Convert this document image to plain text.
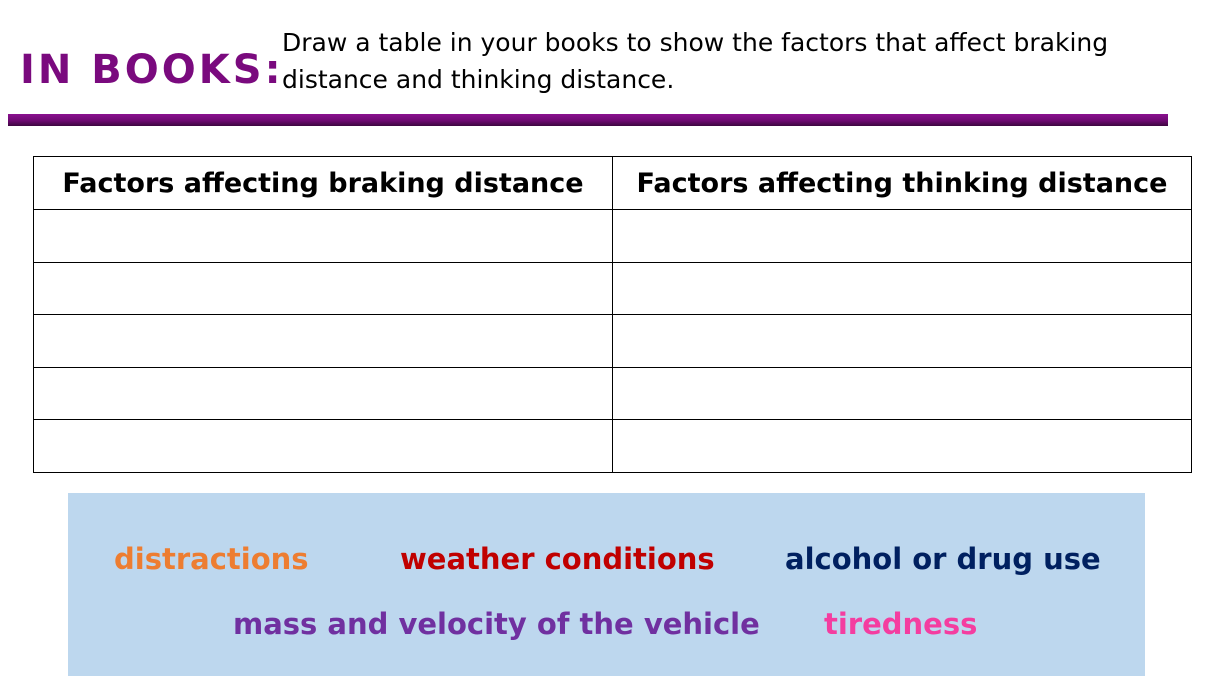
IN BOOKS:
Draw a table in your books to show the factors that affect braking distance and thinking distance.
Factors affecting braking distance	Factors affecting thinking distance

distractions	weather conditions alcohol or drug use
mass and velocity of the vehicle tiredness
